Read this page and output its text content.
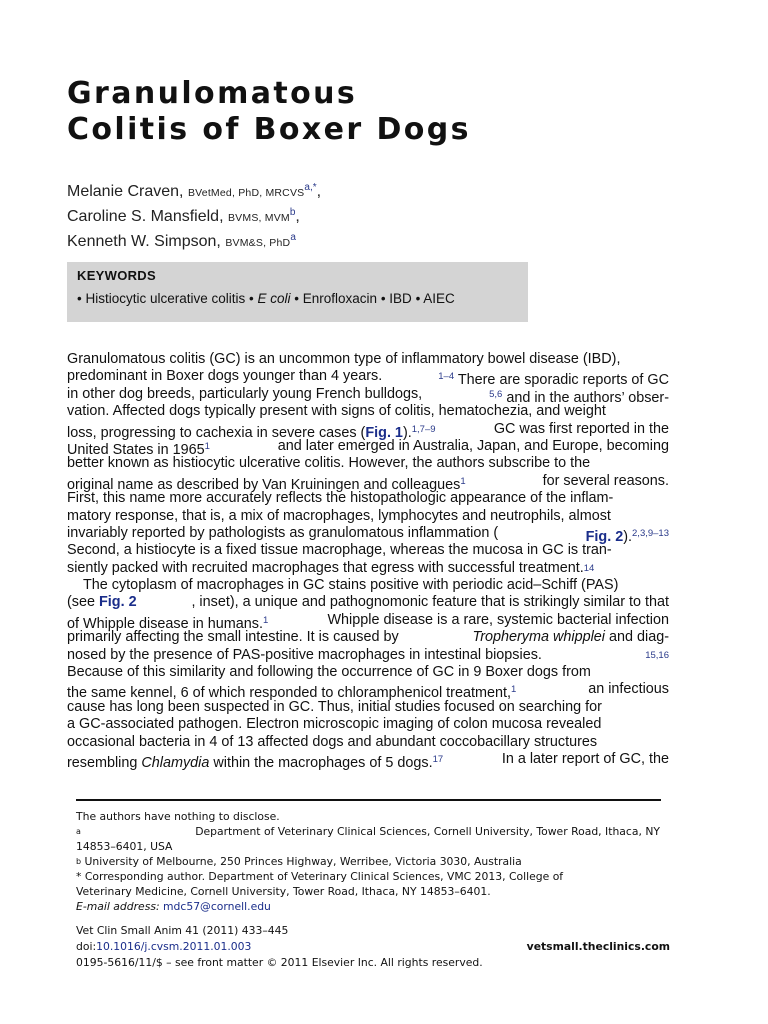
Granulomatous
Colitis of Boxer Dogs
Melanie Craven, BVetMed, PhD, MRCVS$^{a,*}$,
Caroline S. Mansfield, BVMS, MVM$^b$,
Kenneth W. Simpson, BVM&S, PhD$^a$
KEYWORDS
• Histiocytic ulcerative colitis • E coli • Enrofloxacin • IBD • AIEC
Granulomatous colitis (GC) is an uncommon type of inflammatory bowel disease (IBD),
predominant in Boxer dogs younger than 4 years.	$^{1-4}$ There are sporadic reports of GC
in other dog breeds, particularly young French bulldogs,	$^{5,6}$ and in the authors’ obser-
vation. Affected dogs typically present with signs of colitis, hematochezia, and weight
loss, progressing to cachexia in severe cases (Fig. 1).$^{1,7-9}$	GC was first reported in the
United States in 1965$^1$	and later emerged in Australia, Japan, and Europe, becoming
better known as histiocytic ulcerative colitis. However, the authors subscribe to the
original name as described by Van Kruiningen and colleagues$^1$	for several reasons.
First, this name more accurately reflects the histopathologic appearance of the inflam-
matory response, that is, a mix of macrophages, lymphocytes and neutrophils, almost
invariably reported by pathologists as granulomatous inflammation (	Fig. 2).$^{2,3,9-13}$
Second, a histiocyte is a fixed tissue macrophage, whereas the mucosa in GC is tran-
siently packed with recruited macrophages that egress with successful treatment. 14
The cytoplasm of macrophages in GC stains positive with periodic acid–Schiff (PAS)
(see Fig. 2	, inset), a unique and pathognomonic feature that is strikingly similar to that
of Whipple disease in humans.$^1$	Whipple disease is a rare, systemic bacterial infection
primarily affecting the small intestine. It is caused by	Tropheryma whipplei and diag-
nosed by the presence of PAS-positive macrophages in intestinal biopsies.	15,16
Because of this similarity and following the occurrence of GC in 9 Boxer dogs from
the same kennel, 6 of which responded to chloramphenicol treatment,$^1$	an infectious
cause has long been suspected in GC. Thus, initial studies focused on searching for
a GC-associated pathogen. Electron microscopic imaging of colon mucosa revealed
occasional bacteria in 4 of 13 affected dogs and abundant coccobacillary structures
resembling Chlamydia within the macrophages of 5 dogs.$^{17}$	In a later report of GC, the
The authors have nothing to disclose.
$^a$	Department of Veterinary Clinical Sciences, Cornell University, Tower Road, Ithaca, NY
14853–6401, USA
b
University of Melbourne, 250 Princes Highway, Werribee, Victoria 3030, Australia
* Corresponding author. Department of Veterinary Clinical Sciences, VMC 2013, College of
Veterinary Medicine, Cornell University, Tower Road, Ithaca, NY 14853–6401.
E-mail address:
mdc57@cornell.edu
Vet Clin Small Anim 41 (2011) 433–445
doi:10.1016/j.cvsm.2011.01.003	vetsmall.theclinics.com
0195-5616/11/$ – see front matter © 2011 Elsevier Inc. All rights reserved.
